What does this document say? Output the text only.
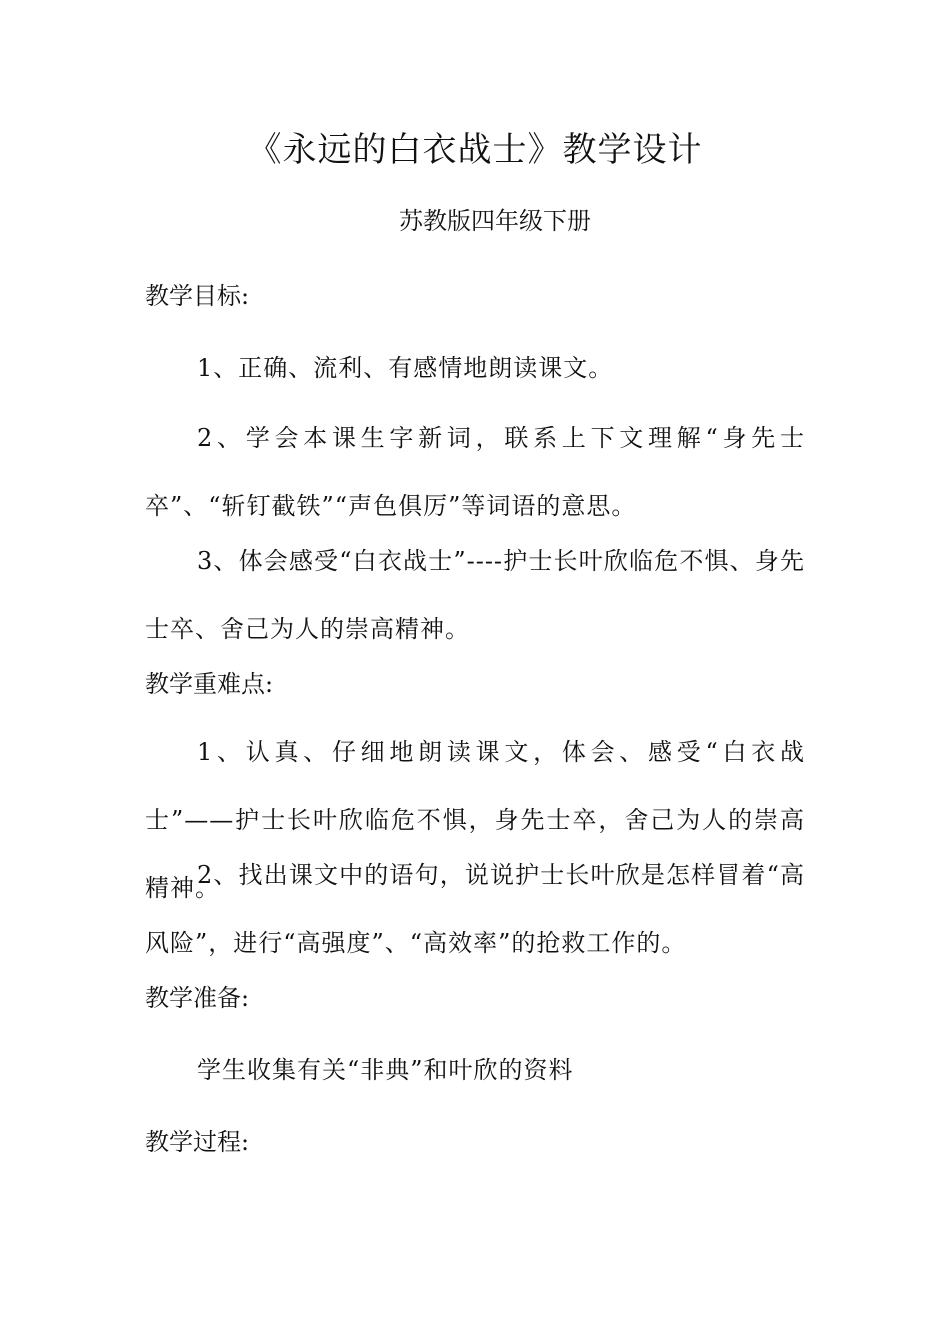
《永远的白衣战士》教学设计
苏教版四年级下册
教学目标:
1、正确、流利、有感情地朗读课文。
2、学会本课生字新词，联系上下文理解“身先士卒”、“斩钉截铁”“声色俱厉”等词语的意思。
3、体会感受“白衣战士”----护士长叶欣临危不惧、身先士卒、舍己为人的崇高精神。
教学重难点:
1、认真、仔细地朗读课文，体会、感受“白衣战士”——护士长叶欣临危不惧，身先士卒，舍己为人的崇高精神。
2、找出课文中的语句，说说护士长叶欣是怎样冒着“高风险”，进行“高强度”、“高效率”的抢救工作的。
教学准备:
学生收集有关“非典”和叶欣的资料
教学过程:
